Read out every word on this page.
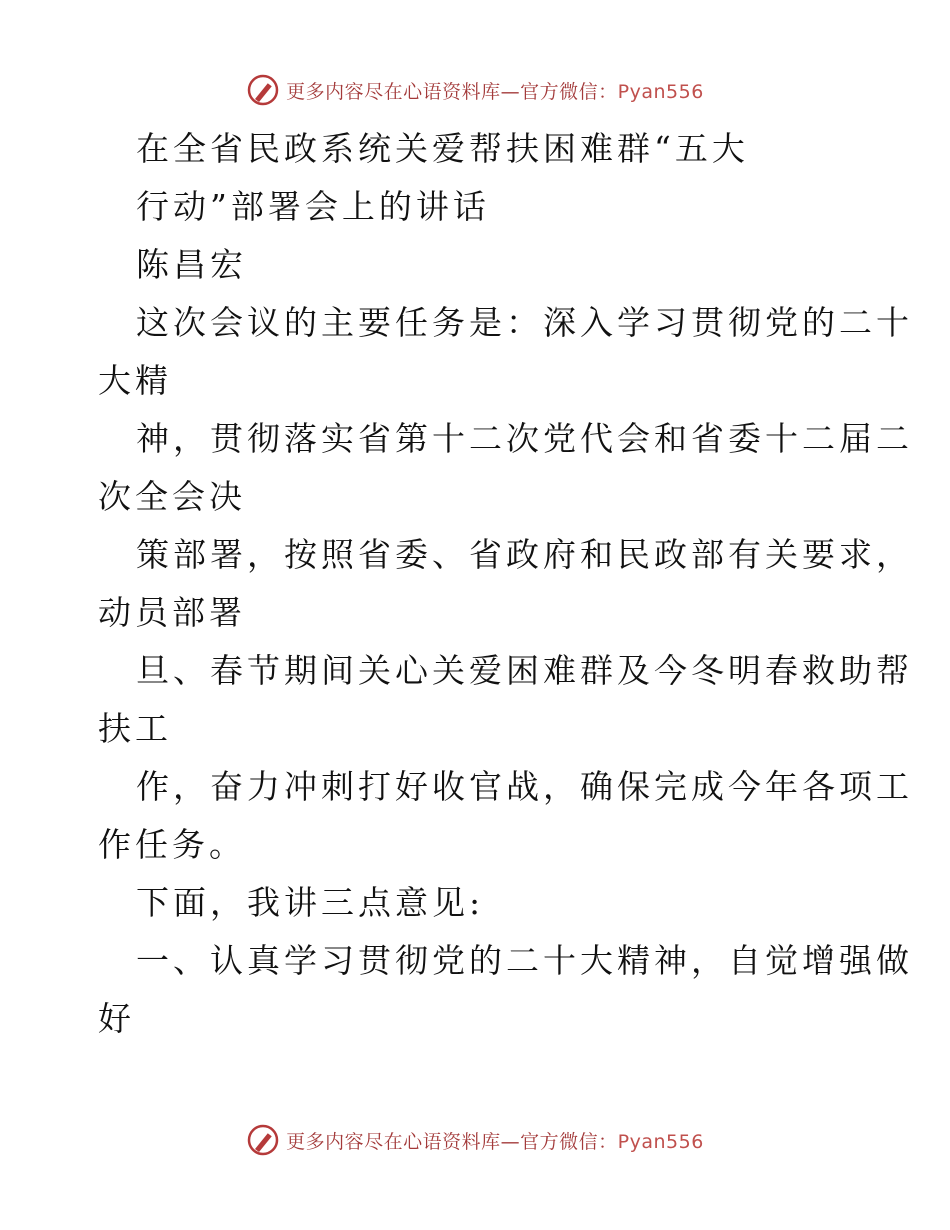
更多内容尽在心语资料库—官方微信：Pyan556
在全省民政系统关爱帮扶困难群“五大
行动”部署会上的讲话
陈昌宏
这次会议的主要任务是：深入学习贯彻党的二十
大精
神，贯彻落实省第十二次党代会和省委十二届二
次全会决
策部署，按照省委、省政府和民政部有关要求，
动员部署
旦、春节期间关心关爱困难群及今冬明春救助帮
扶工
作，奋力冲刺打好收官战，确保完成今年各项工
作任务。
下面，我讲三点意见:
一、认真学习贯彻党的二十大精神，自觉增强做
好
更多内容尽在心语资料库—官方微信：Pyan556
